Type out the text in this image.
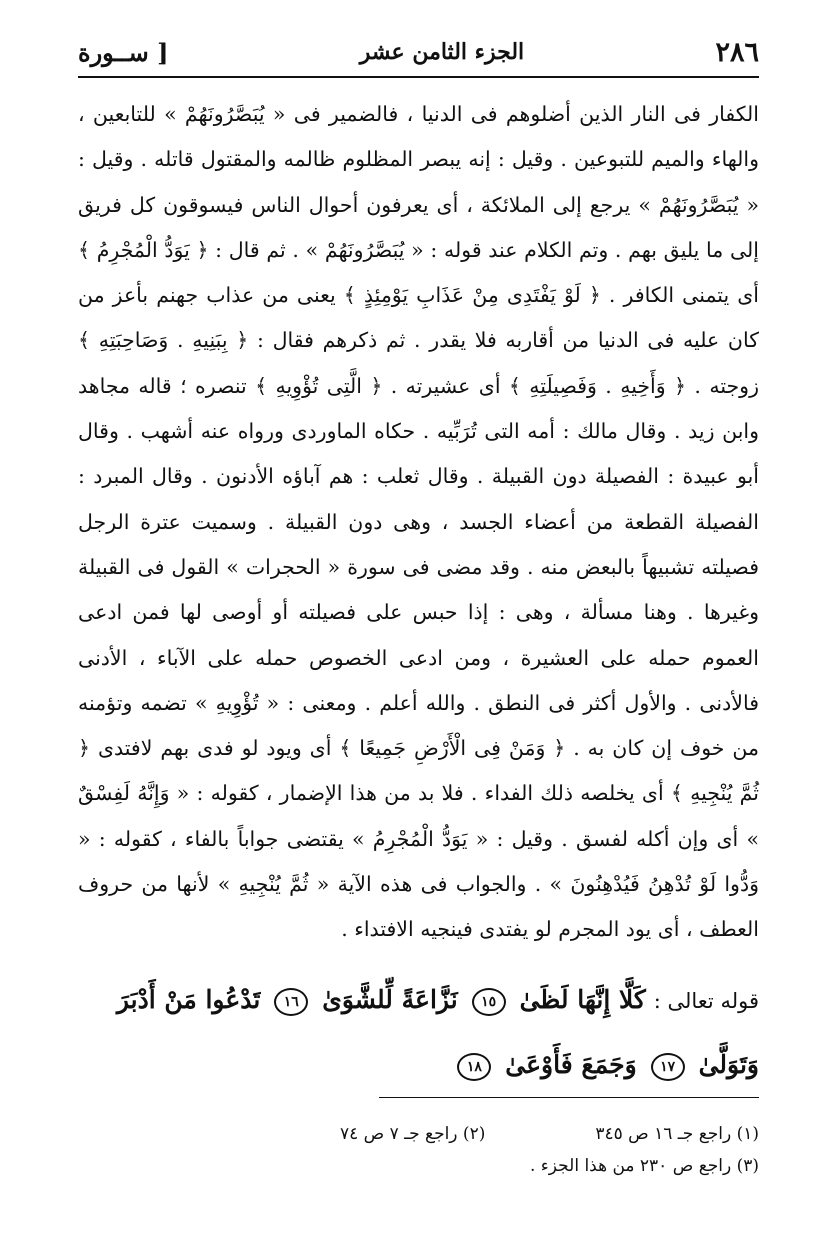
٢٨٦
الجزء الثامن عشر
[ ســورة

الكفار فى النار الذين أضلوهم فى الدنيا ، فالضمير فى « يُبَصَّرُونَهُمْ » للتابعين ، والهاء والميم للتبوعين . وقيل : إنه يبصر المظلوم ظالمه والمقتول قاتله . وقيل : « يُبَصَّرُونَهُمْ » يرجع إلى الملائكة ، أى يعرفون أحوال الناس فيسوقون كل فريق إلى ما يليق بهم . وتم الكلام عند قوله : « يُبَصَّرُونَهُمْ » . ثم قال : ﴿ يَوَدُّ الْمُجْرِمُ ﴾ أى يتمنى الكافر . ﴿ لَوْ يَفْتَدِى مِنْ عَذَابِ يَوْمِئِذٍ ﴾ يعنى من عذاب جهنم بأعز من كان عليه فى الدنيا من أقاربه فلا يقدر . ثم ذكرهم فقال : ﴿ بِبَنِيهِ . وَصَاحِبَتِهِ ﴾ زوجته . ﴿ وَأَخِيهِ . وَفَصِيلَتِهِ ﴾ أى عشيرته . ﴿ الَّتِى تُؤْوِيهِ ﴾ تنصره ؛ قاله مجاهد وابن زيد . وقال مالك : أمه التى تُرَبِّيه . حكاه الماوردى ورواه عنه أشهب . وقال أبو عبيدة : الفصيلة دون القبيلة . وقال ثعلب : هم آباؤه الأدنون . وقال المبرد : الفصيلة القطعة من أعضاء الجسد ، وهى دون القبيلة . وسميت عترة الرجل فصيلته تشبيهاً بالبعض منه . وقد مضى فى سورة « الحجرات » القول فى القبيلة وغيرها . وهنا مسألة ، وهى : إذا حبس على فصيلته أو أوصى لها فمن ادعى العموم حمله على العشيرة ، ومن ادعى الخصوص حمله على الآباء ، الأدنى فالأدنى . والأول أكثر فى النطق . والله أعلم . ومعنى : « تُؤْوِيهِ » تضمه وتؤمنه من خوف إن كان به . ﴿ وَمَنْ فِى الْأَرْضِ جَمِيعًا ﴾ أى ويود لو فدى بهم لافتدى ﴿ ثُمَّ يُنْجِيهِ ﴾ أى يخلصه ذلك الفداء . فلا بد من هذا الإضمار ، كقوله : « وَإِنَّهُ لَفِسْقٌ » أى وإن أكله لفسق . وقيل : « يَوَدُّ الْمُجْرِمُ » يقتضى جواباً بالفاء ، كقوله : « وَدُّوا لَوْ تُدْهِنُ فَيُدْهِنُونَ » . والجواب فى هذه الآية « ثُمَّ يُنْجِيهِ » لأنها من حروف العطف ، أى يود المجرم لو يفتدى فينجيه الافتداء .

قوله تعالى : كَلَّا إِنَّهَا لَظَىٰ ١٥ نَزَّاعَةً لِّلشَّوَىٰ ١٦ تَدْعُوا مَنْ أَدْبَرَ وَتَوَلَّىٰ ١٧ وَجَمَعَ فَأَوْعَىٰ ١٨
(١) راجع جـ ١٦ ص ٣٤٥
(٢) راجع جـ ٧ ص ٧٤
(٣) راجع ص ٢٣٠ من هذا الجزء .
